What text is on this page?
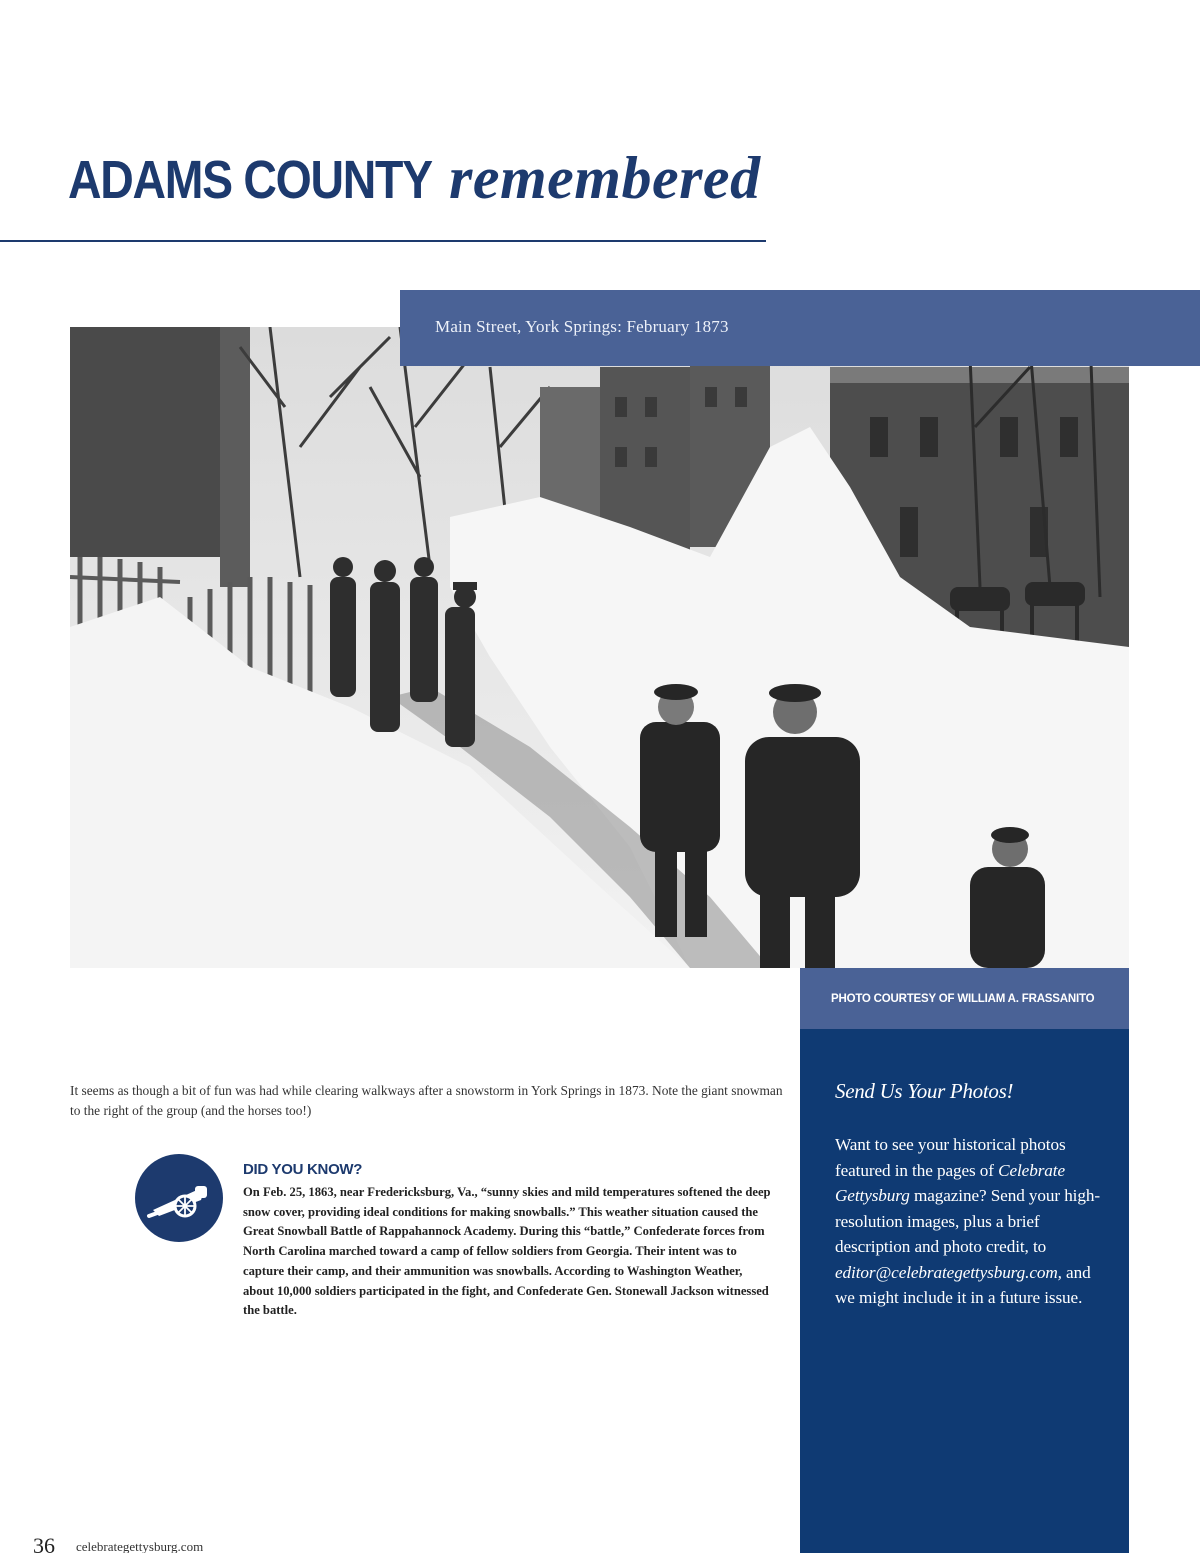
ADAMS COUNTY remembered
Main Street, York Springs: February 1873
PHOTO COURTESY OF WILLIAM A. FRASSANITO
Send Us Your Photos!

Want to see your historical photos featured in the pages of Celebrate Gettysburg magazine? Send your high-resolution images, plus a brief description and photo credit, to editor@celebrategettysburg.com, and we might include it in a future issue.

It seems as though a bit of fun was had while clearing walkways after a snowstorm in York Springs in 1873. Note the giant snowman to the right of the group (and the horses too!)

DID YOU KNOW?

On Feb. 25, 1863, near Fredericksburg, Va., “sunny skies and mild temperatures softened the deep snow cover, providing ideal conditions for making snowballs.” This weather situation caused the Great Snowball Battle of Rappahannock Academy. During this “battle,” Confederate forces from North Carolina marched toward a camp of fellow soldiers from Georgia. Their intent was to capture their camp, and their ammunition was snowballs. According to Washington Weather, about 10,000 soldiers participated in the fight, and Confederate Gen. Stonewall Jackson witnessed the battle.

36 celebrategettysburg.com
